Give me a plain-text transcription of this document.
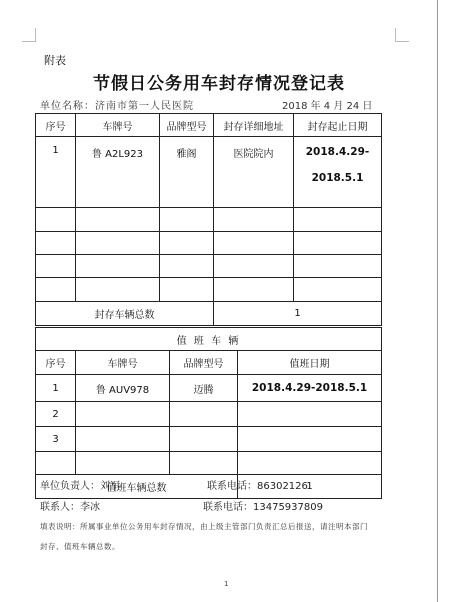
附表
节假日公务用车封存情况登记表
单位名称：济南市第一人民医院	2018 年 4 月 24 日
序号	车牌号	品牌型号	封存详细地址	封存起止日期
1	鲁 A2L923	雅阁	医院院内	2018.4.29-
2018.5.1

封存车辆总数			1	
值 班 车 辆			
序号	车牌号	品牌型号	值班日期
1	鲁 AUV978	迈腾	2018.4.29-2018.5.1
2			
3			

值班车辆总数			1
单位负责人：刘军	联系电话：86302126
联系人：李冰	联系电话：13475937809
填表说明：所属事业单位公务用车封存情况，由上级主管部门负责汇总后报送，请注明本部门
封存、值班车辆总数。
1
